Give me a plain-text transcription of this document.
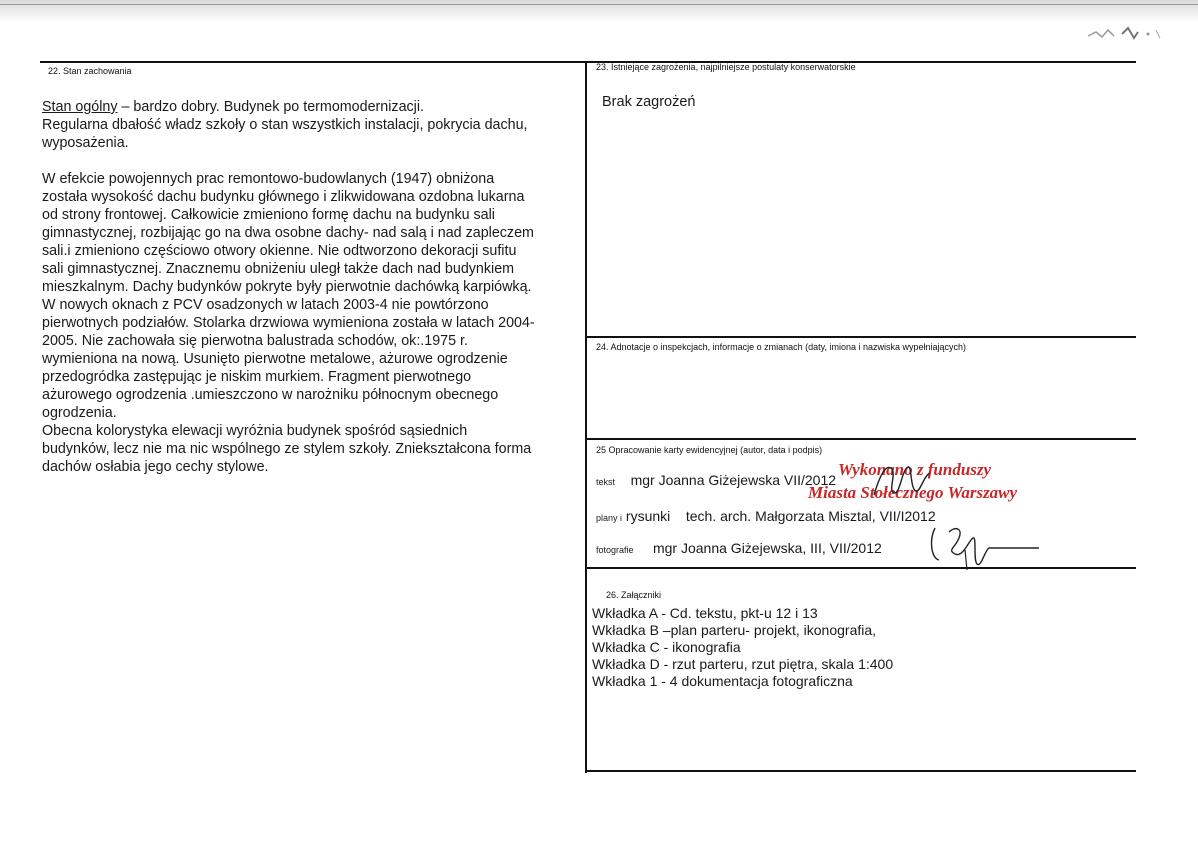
22. Stan zachowania

Stan ogólny – bardzo dobry. Budynek po termomodernizacji.

Regularna dbałość władz szkoły o stan wszystkich instalacji, pokrycia dachu,

wyposażenia.

W efekcie powojennych prac remontowo-budowlanych (1947) obniżona

została wysokość dachu budynku głównego i zlikwidowana ozdobna lukarna

od strony frontowej. Całkowicie zmieniono formę dachu na budynku sali

gimnastycznej, rozbijając go na dwa osobne dachy- nad salą i nad zapleczem

sali.i zmieniono częściowo otwory okienne. Nie odtworzono dekoracji sufitu

sali gimnastycznej. Znacznemu obniżeniu uległ także dach nad budynkiem

mieszkalnym. Dachy budynków pokryte były pierwotnie dachówką karpiówką.

W nowych oknach z PCV osadzonych w latach 2003-4 nie powtórzono

pierwotnych podziałów. Stolarka drzwiowa wymieniona została w latach 2004-

2005. Nie zachowała się pierwotna balustrada schodów, ok:.1975 r.

wymieniona na nową. Usunięto pierwotne metalowe, ażurowe ogrodzenie

przedogródka zastępując je niskim murkiem. Fragment pierwotnego

ażurowego ogrodzenia .umieszczono w narożniku północnym obecnego

ogrodzenia.

Obecna kolorystyka elewacji wyróżnia budynek spośród sąsiednich

budynków, lecz nie ma nic wspólnego ze stylem szkoły. Zniekształcona forma

dachów osłabia jego cechy stylowe.

23. Istniejące zagrożenia, najpilniejsze postulaty konserwatorskie
Brak zagrożeń
24. Adnotacje o inspekcjach, informacje o zmianach (daty, imiona i nazwiska wypełniających)
25 Opracowanie karty ewidencyjnej (autor, data i podpis)
tekst mgr Joanna Giżejewska VII/2012
plany i rysunki tech. arch. Małgorzata Misztal, VII/I2012
fotografie mgr Joanna Giżejewska, III, VII/2012
Wykonano z funduszy
Miasta Stołecznego Warszawy
26. Załączniki
Wkładka A - Cd. tekstu, pkt-u 12 i 13
Wkładka B –plan parteru- projekt, ikonografia,
Wkładka C - ikonografia
Wkładka D - rzut parteru, rzut piętra, skala 1:400
Wkładka 1 - 4 dokumentacja fotograficzna
